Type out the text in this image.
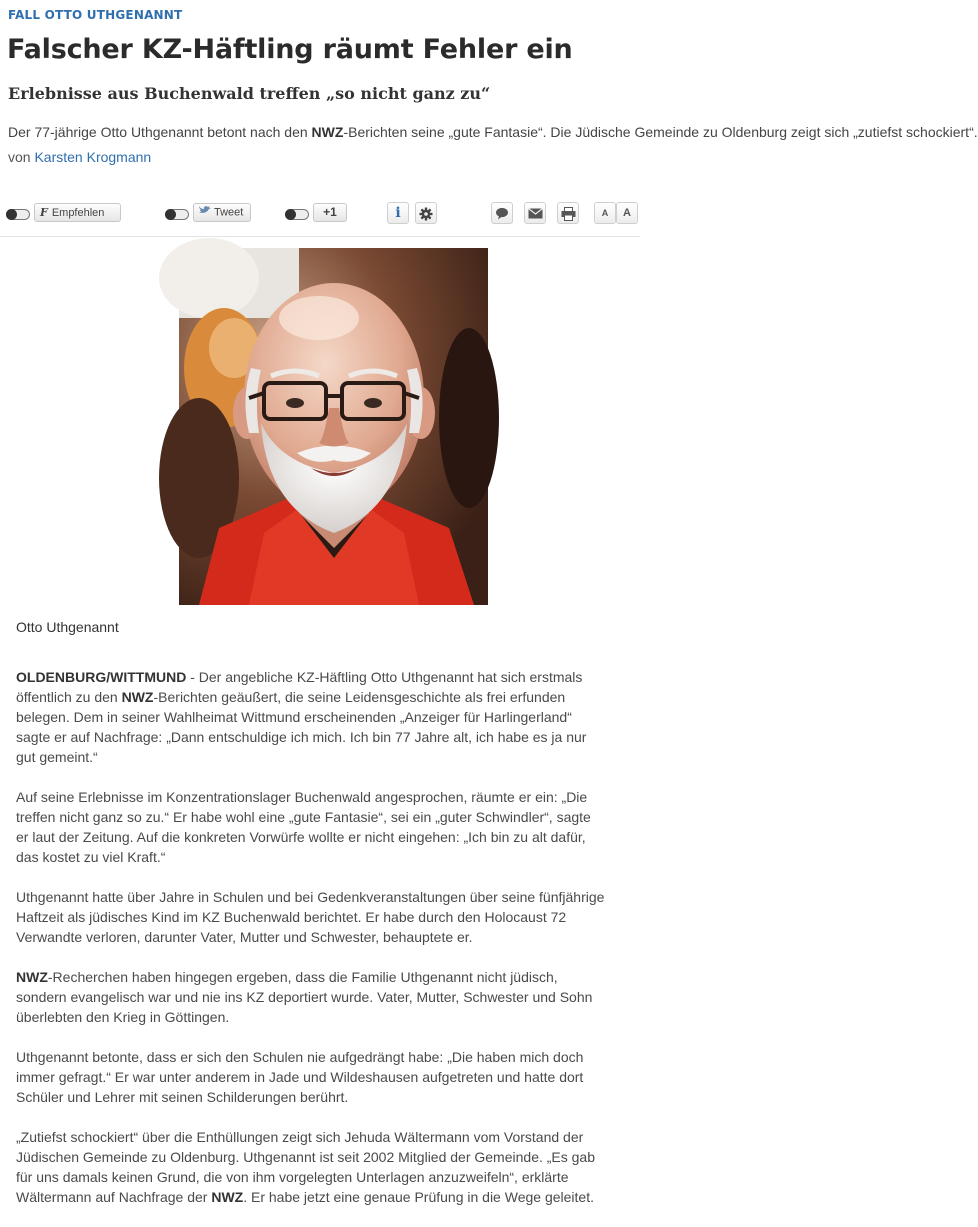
FALL OTTO UTHGENANNT
Falscher KZ-Häftling räumt Fehler ein
Erlebnisse aus Buchenwald treffen „so nicht ganz zu“
Der 77-jährige Otto Uthgenannt betont nach den NWZ-Berichten seine „gute Fantasie“. Die Jüdische Gemeinde zu Oldenburg zeigt sich „zutiefst schockiert“.
von Karsten Krogmann
F Empfehlen	Tweet	+1	i	A	A
Otto Uthgenannt

OLDENBURG/WITTMUND - Der angebliche KZ-Häftling Otto Uthgenannt hat sich erstmals
öffentlich zu den NWZ-Berichten geäußert, die seine Leidensgeschichte als frei erfunden
belegen. Dem in seiner Wahlheimat Wittmund erscheinenden „Anzeiger für Harlingerland“
sagte er auf Nachfrage: „Dann entschuldige ich mich. Ich bin 77 Jahre alt, ich habe es ja nur
gut gemeint.“

Auf seine Erlebnisse im Konzentrationslager Buchenwald angesprochen, räumte er ein: „Die
treffen nicht ganz so zu.“ Er habe wohl eine „gute Fantasie“, sei ein „guter Schwindler“, sagte
er laut der Zeitung. Auf die konkreten Vorwürfe wollte er nicht eingehen: „Ich bin zu alt dafür,
das kostet zu viel Kraft.“

Uthgenannt hatte über Jahre in Schulen und bei Gedenkveranstaltungen über seine fünfjährige
Haftzeit als jüdisches Kind im KZ Buchenwald berichtet. Er habe durch den Holocaust 72
Verwandte verloren, darunter Vater, Mutter und Schwester, behauptete er.

NWZ-Recherchen haben hingegen ergeben, dass die Familie Uthgenannt nicht jüdisch,
sondern evangelisch war und nie ins KZ deportiert wurde. Vater, Mutter, Schwester und Sohn
überlebten den Krieg in Göttingen.

Uthgenannt betonte, dass er sich den Schulen nie aufgedrängt habe: „Die haben mich doch
immer gefragt.“ Er war unter anderem in Jade und Wildeshausen aufgetreten und hatte dort
Schüler und Lehrer mit seinen Schilderungen berührt.

„Zutiefst schockiert“ über die Enthüllungen zeigt sich Jehuda Wältermann vom Vorstand der
Jüdischen Gemeinde zu Oldenburg. Uthgenannt ist seit 2002 Mitglied der Gemeinde. „Es gab
für uns damals keinen Grund, die von ihm vorgelegten Unterlagen anzuzweifeln“, erklärte
Wältermann auf Nachfrage der NWZ. Er habe jetzt eine genaue Prüfung in die Wege geleitet.
